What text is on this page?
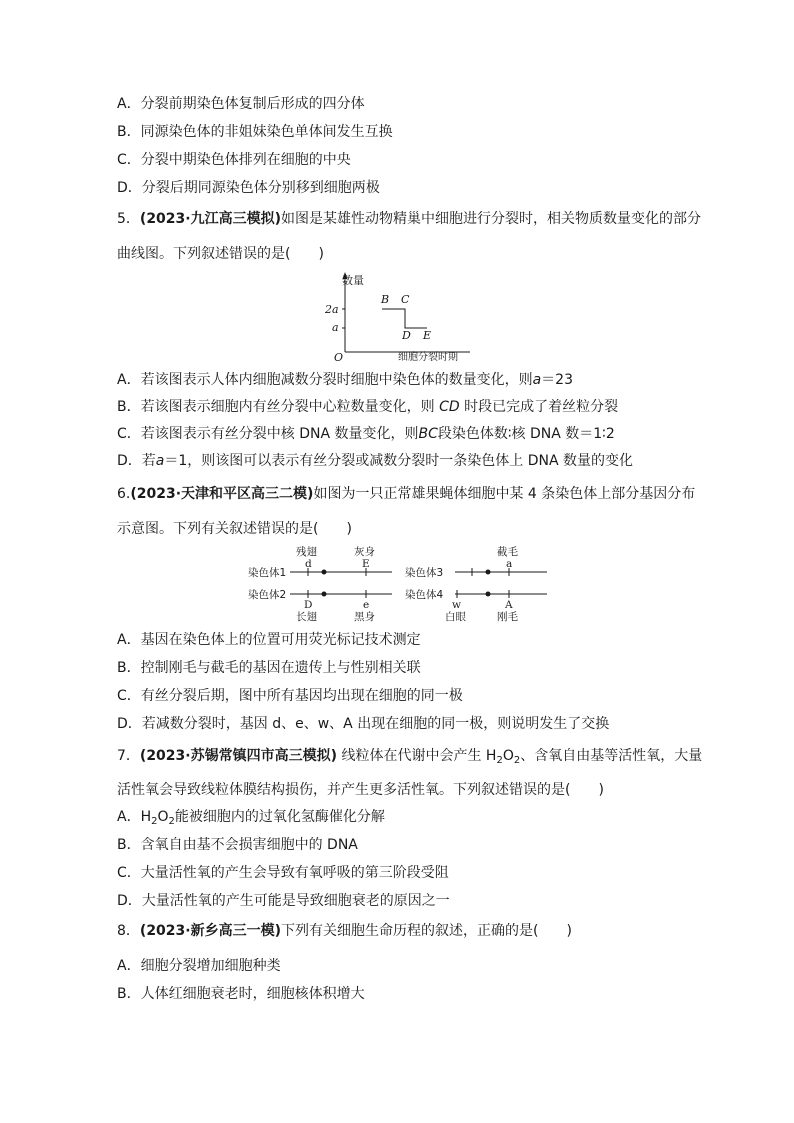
A．分裂前期染色体复制后形成的四分体
B．同源染色体的非姐妹染色单体间发生互换
C．分裂中期染色体排列在细胞的中央
D．分裂后期同源染色体分别移到细胞两极
5．(2023·九江高三模拟)如图是某雄性动物精巢中细胞进行分裂时，相关物质数量变化的部分
曲线图。下列叙述错误的是(　　)
数量
2a
a
O	细胞分裂时期
B C
D E
A．若该图表示人体内细胞减数分裂时细胞中染色体的数量变化，则a＝23
B．若该图表示细胞内有丝分裂中心粒数量变化，则 CD 时段已完成了着丝粒分裂
C．若该图表示有丝分裂中核 DNA 数量变化，则BC段染色体数∶核 DNA 数＝1∶2
D．若a＝1，则该图可以表示有丝分裂或减数分裂时一条染色体上 DNA 数量的变化
6.(2023·天津和平区高三二模)如图为一只正常雄果蝇体细胞中某 4 条染色体上部分基因分布
示意图。下列有关叙述错误的是(　　)
残翅
d
灰身
E
染色体1
染色体2
D
长翅
e
黑身
截毛
a
染色体3
染色体4
w
白眼
A
刚毛
A．基因在染色体上的位置可用荧光标记技术测定
B．控制刚毛与截毛的基因在遗传上与性别相关联
C．有丝分裂后期，图中所有基因均出现在细胞的同一极
D．若减数分裂时，基因 d、e、w、A 出现在细胞的同一极，则说明发生了交换
7．(2023·苏锡常镇四市高三模拟) 线粒体在代谢中会产生 $H_2O_2$、含氧自由基等活性氧，大量
活性氧会导致线粒体膜结构损伤，并产生更多活性氧。下列叙述错误的是(　　)
A．$H_2O_2$能被细胞内的过氧化氢酶催化分解
B．含氧自由基不会损害细胞中的 DNA
C．大量活性氧的产生会导致有氧呼吸的第三阶段受阻
D．大量活性氧的产生可能是导致细胞衰老的原因之一
8．(2023·新乡高三一模)下列有关细胞生命历程的叙述，正确的是(　　)
A．细胞分裂增加细胞种类
B．人体红细胞衰老时，细胞核体积增大
